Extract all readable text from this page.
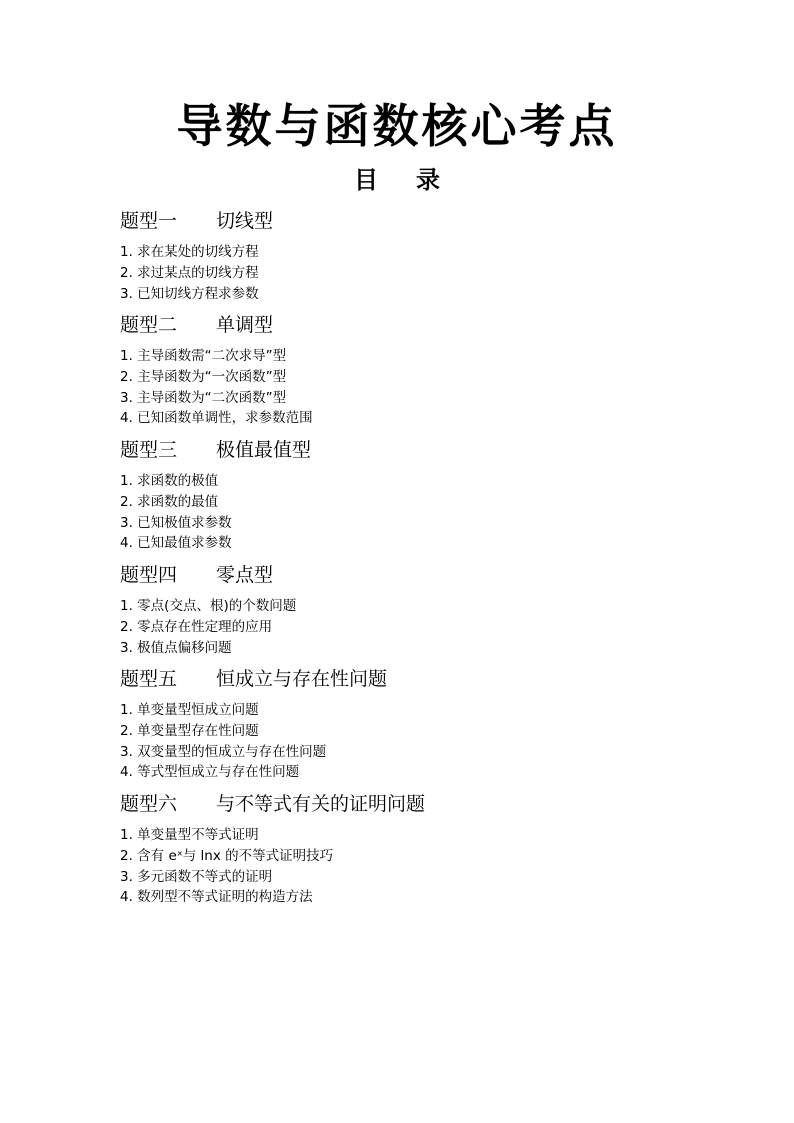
导数与函数核心考点
目 录
题型一 切线型
1. 求在某处的切线方程
2. 求过某点的切线方程
3. 已知切线方程求参数
题型二 单调型
1. 主导函数需“二次求导”型
2. 主导函数为“一次函数”型
3. 主导函数为“二次函数”型
4. 已知函数单调性，求参数范围
题型三 极值最值型
1. 求函数的极值
2. 求函数的最值
3. 已知极值求参数
4. 已知最值求参数
题型四 零点型
1. 零点(交点、根)的个数问题
2. 零点存在性定理的应用
3. 极值点偏移问题
题型五 恒成立与存在性问题
1. 单变量型恒成立问题
2. 单变量型存在性问题
3. 双变量型的恒成立与存在性问题
4. 等式型恒成立与存在性问题
题型六 与不等式有关的证明问题
1. 单变量型不等式证明
2. 含有 eˣ与 lnx 的不等式证明技巧
3. 多元函数不等式的证明
4. 数列型不等式证明的构造方法
